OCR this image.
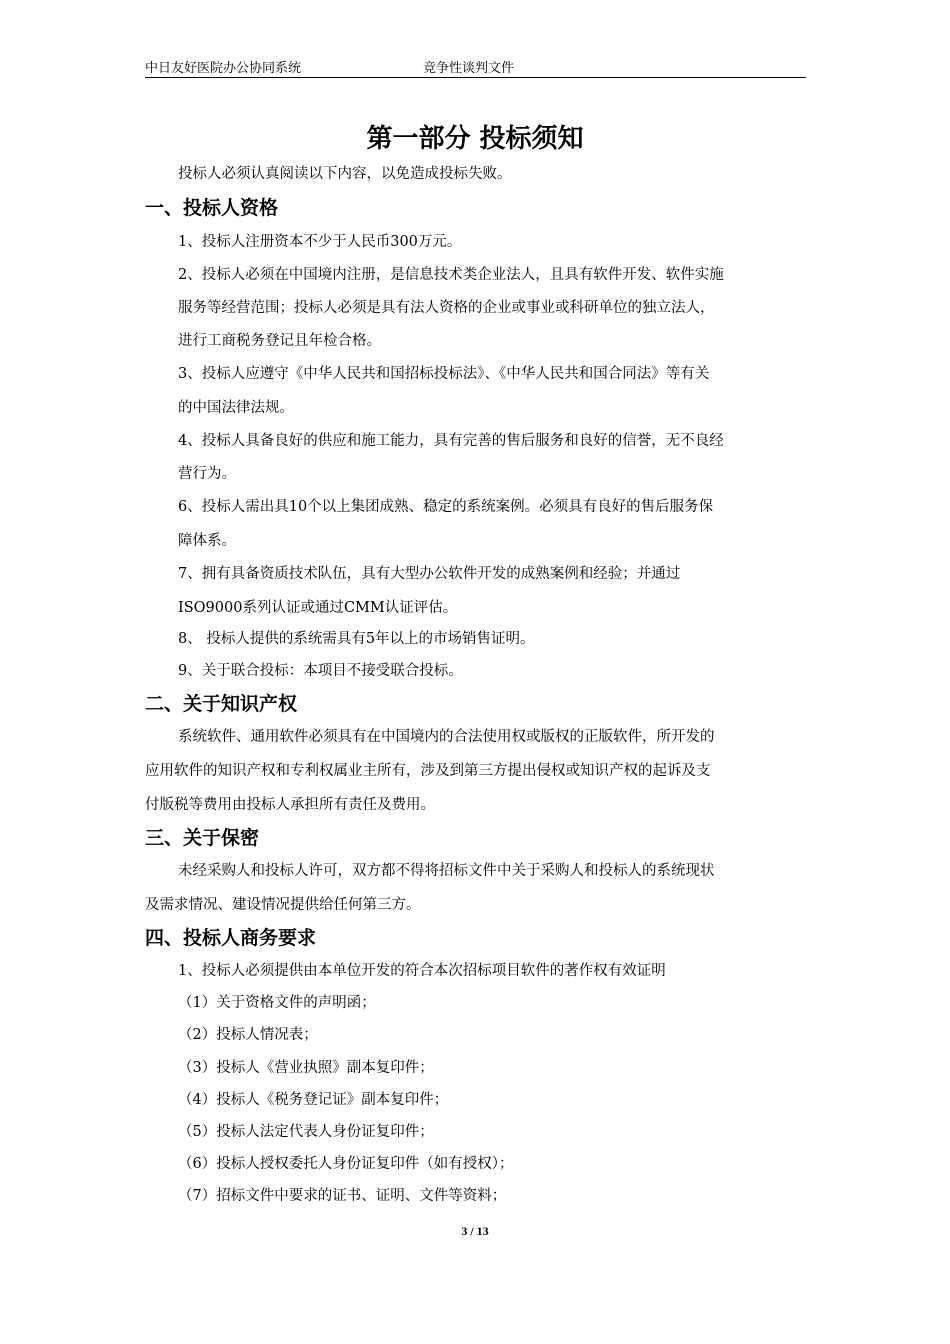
中日友好医院办公协同系统	竞争性谈判文件
第一部分 投标须知
投标人必须认真阅读以下内容，以免造成投标失败。
一、投标人资格
1、投标人注册资本不少于人民币300万元。
2、投标人必须在中国境内注册，是信息技术类企业法人，且具有软件开发、软件实施
服务等经营范围；投标人必须是具有法人资格的企业或事业或科研单位的独立法人，
进行工商税务登记且年检合格。
3、投标人应遵守《中华人民共和国招标投标法》、《中华人民共和国合同法》等有关
的中国法律法规。
4、投标人具备良好的供应和施工能力，具有完善的售后服务和良好的信誉，无不良经
营行为。
6、投标人需出具10个以上集团成熟、稳定的系统案例。必须具有良好的售后服务保
障体系。
7、拥有具备资质技术队伍，具有大型办公软件开发的成熟案例和经验；并通过
ISO9000系列认证或通过CMM认证评估。
8、 投标人提供的系统需具有5年以上的市场销售证明。
9、关于联合投标：本项目不接受联合投标。
二、关于知识产权
系统软件、通用软件必须具有在中国境内的合法使用权或版权的正版软件，所开发的
应用软件的知识产权和专利权属业主所有，涉及到第三方提出侵权或知识产权的起诉及支
付版税等费用由投标人承担所有责任及费用。
三、关于保密
未经采购人和投标人许可，双方都不得将招标文件中关于采购人和投标人的系统现状
及需求情况、建设情况提供给任何第三方。
四、投标人商务要求
1、投标人必须提供由本单位开发的符合本次招标项目软件的著作权有效证明
（1）关于资格文件的声明函；
（2）投标人情况表；
（3）投标人《营业执照》副本复印件；
（4）投标人《税务登记证》副本复印件；
（5）投标人法定代表人身份证复印件；
（6）投标人授权委托人身份证复印件（如有授权）；
（7）招标文件中要求的证书、证明、文件等资料；
3 / 13
